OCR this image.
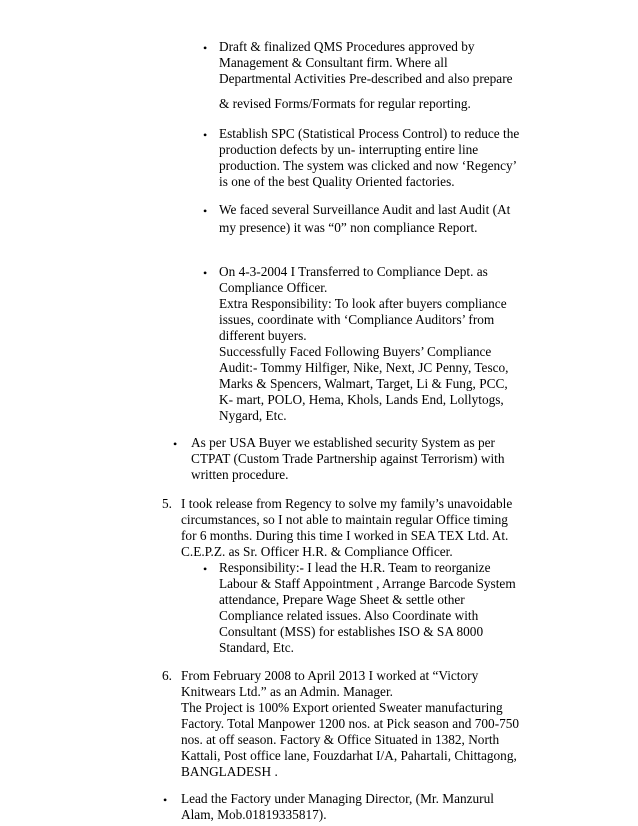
• Draft & finalized QMS Procedures approved by
Management & Consultant firm. Where all
Departmental Activities Pre-described and also prepare
& revised Forms/Formats for regular reporting.
• Establish SPC (Statistical Process Control) to reduce the
production defects by un- interrupting entire line
production. The system was clicked and now ‘Regency’
is one of the best Quality Oriented factories.
• We faced several Surveillance Audit and last Audit (At
my presence) it was “0” non compliance Report.
• On 4-3-2004 I Transferred to Compliance Dept. as
Compliance Officer.
Extra Responsibility: To look after buyers compliance
issues, coordinate with ‘Compliance Auditors’ from
different buyers.
Successfully Faced Following Buyers’ Compliance
Audit:- Tommy Hilfiger, Nike, Next, JC Penny, Tesco,
Marks & Spencers, Walmart, Target, Li & Fung, PCC,
K- mart, POLO, Hema, Khols, Lands End, Lollytogs,
Nygard, Etc.
• As per USA Buyer we established security System as per
CTPAT (Custom Trade Partnership against Terrorism) with
written procedure.
5. I took release from Regency to solve my family’s unavoidable
circumstances, so I not able to maintain regular Office timing
for 6 months. During this time I worked in SEA TEX Ltd. At.
C.E.P.Z. as Sr. Officer H.R. & Compliance Officer.
• Responsibility:- I lead the H.R. Team to reorganize
Labour & Staff Appointment , Arrange Barcode System
attendance, Prepare Wage Sheet & settle other
Compliance related issues. Also Coordinate with
Consultant (MSS) for establishes ISO & SA 8000
Standard, Etc.
6. From February 2008 to April 2013 I worked at “Victory
Knitwears Ltd.” as an Admin. Manager.
The Project is 100% Export oriented Sweater manufacturing
Factory. Total Manpower 1200 nos. at Pick season and 700-750
nos. at off season. Factory & Office Situated in 1382, North
Kattali, Post office lane, Fouzdarhat I/A, Pahartali, Chittagong,
BANGLADESH .
• Lead the Factory under Managing Director, (Mr. Manzurul
Alam, Mob.01819335817).
